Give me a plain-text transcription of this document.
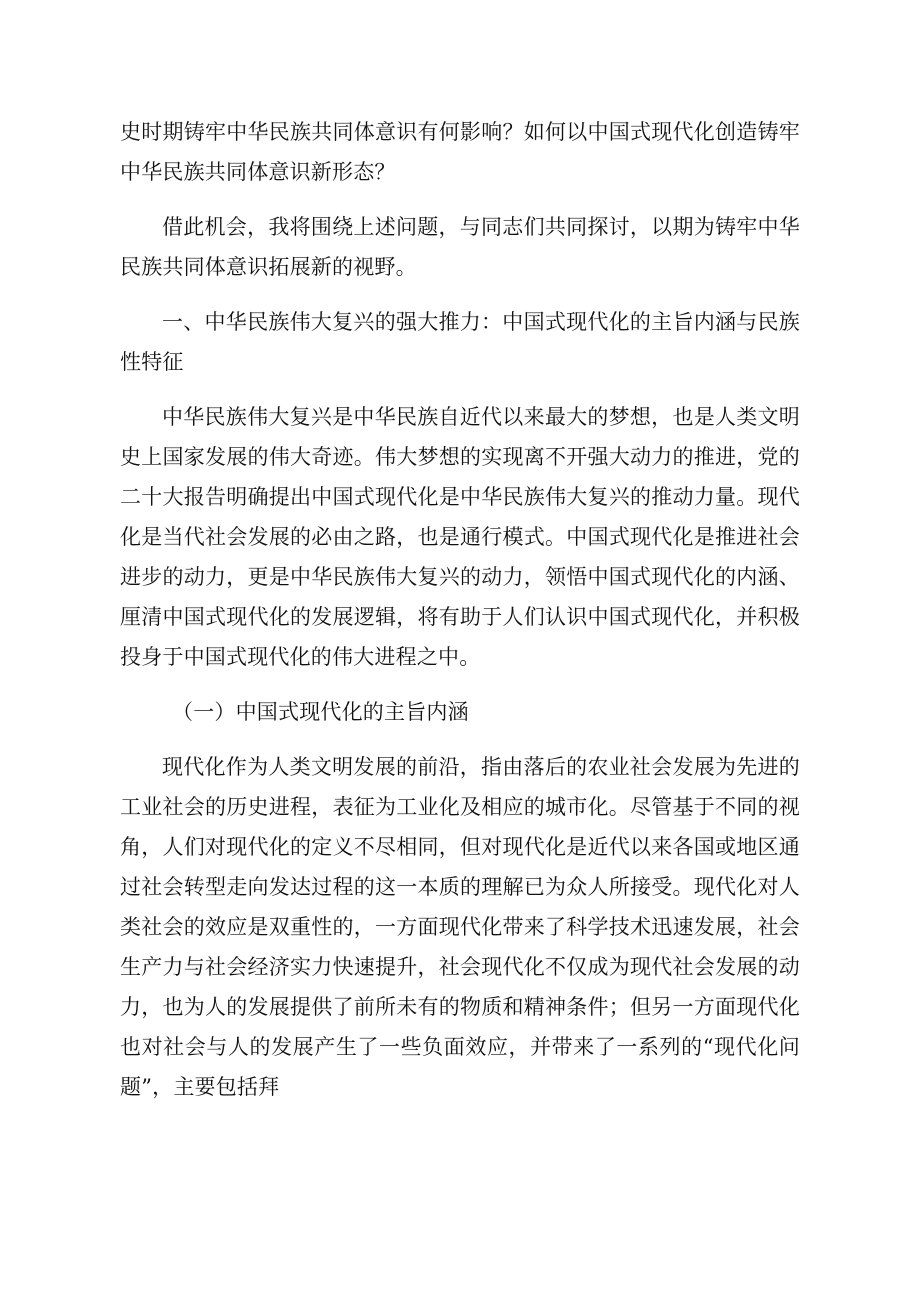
史时期铸牢中华民族共同体意识有何影响？如何以中国式现代化创造铸牢中华民族共同体意识新形态？

借此机会，我将围绕上述问题，与同志们共同探讨，以期为铸牢中华民族共同体意识拓展新的视野。

一、中华民族伟大复兴的强大推力：中国式现代化的主旨内涵与民族性特征

中华民族伟大复兴是中华民族自近代以来最大的梦想，也是人类文明史上国家发展的伟大奇迹。伟大梦想的实现离不开强大动力的推进，党的二十大报告明确提出中国式现代化是中华民族伟大复兴的推动力量。现代化是当代社会发展的必由之路，也是通行模式。中国式现代化是推进社会进步的动力，更是中华民族伟大复兴的动力，领悟中国式现代化的内涵、厘清中国式现代化的发展逻辑，将有助于人们认识中国式现代化，并积极投身于中国式现代化的伟大进程之中。

（一）中国式现代化的主旨内涵

现代化作为人类文明发展的前沿，指由落后的农业社会发展为先进的工业社会的历史进程，表征为工业化及相应的城市化。尽管基于不同的视角，人们对现代化的定义不尽相同，但对现代化是近代以来各国或地区通过社会转型走向发达过程的这一本质的理解已为众人所接受。现代化对人类社会的效应是双重性的，一方面现代化带来了科学技术迅速发展，社会生产力与社会经济实力快速提升，社会现代化不仅成为现代社会发展的动力，也为人的发展提供了前所未有的物质和精神条件；但另一方面现代化也对社会与人的发展产生了一些负面效应，并带来了一系列的“现代化问题”，主要包括拜
